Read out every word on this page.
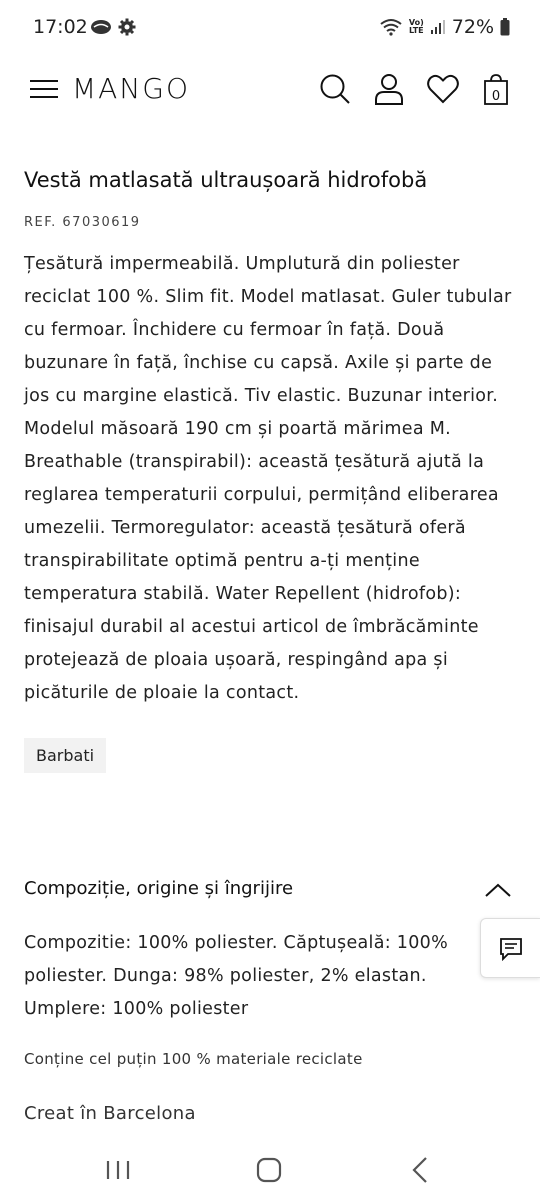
17:02	Vo)
LTE 72%
MANGO	0
Vestă matlasată ultraușoară hidrofobă
REF. 67030619

Țesătură impermeabilă. Umplutură din poliester reciclat 100 %. Slim fit. Model matlasat. Guler tubular cu fermoar. Închidere cu fermoar în față. Două buzunare în față, închise cu capsă. Axile și parte de jos cu margine elastică. Tiv elastic. Buzunar interior. Modelul măsoară 190 cm și poartă mărimea M. Breathable (transpirabil): această țesătură ajută la reglarea temperaturii corpului, permițând eliberarea umezelii. Termoregulator: această țesătură oferă transpirabilitate optimă pentru a-ți menține temperatura stabilă. Water Repellent (hidrofob): finisajul durabil al acestui articol de îmbrăcăminte protejează de ploaia ușoară, respingând apa și picăturile de ploaie la contact.

Barbati
Compoziție, origine și îngrijire
Compozitie: 100% poliester. Căptușeală: 100% poliester. Dunga: 98% poliester, 2% elastan. Umplere: 100% poliester
Conține cel puțin 100 % materiale reciclate
Creat în Barcelona
